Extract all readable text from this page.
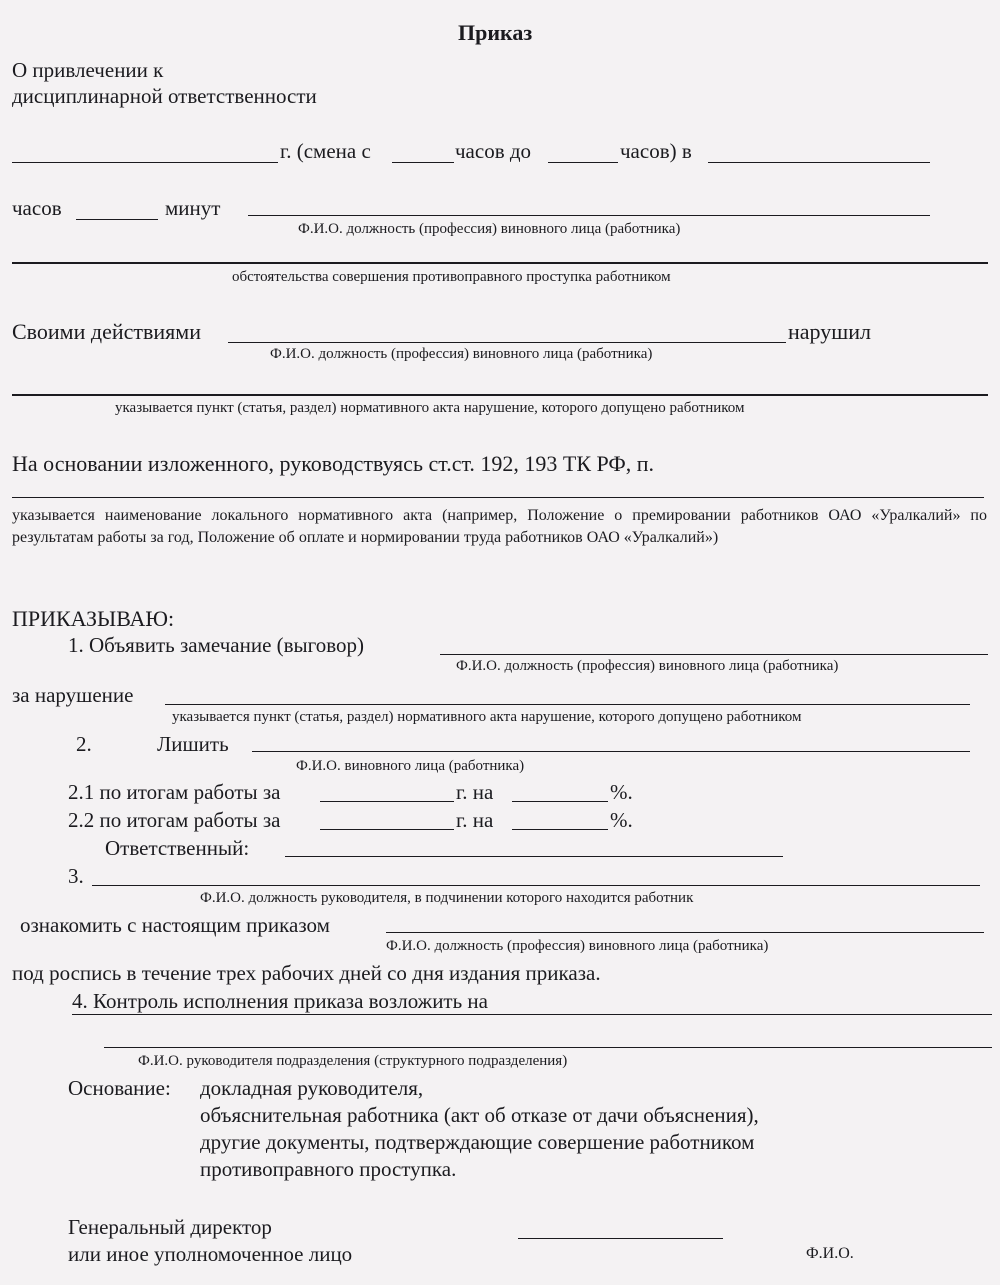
Приказ
О привлечении к
дисциплинарной ответственности
г. (смена с	часов до	часов) в
часов	минут
Ф.И.О. должность (профессия) виновного лица (работника)
обстоятельства совершения противоправного проступка работником
Своими действиями	нарушил
Ф.И.О. должность (профессия) виновного лица (работника)
указывается пункт (статья, раздел) нормативного акта нарушение, которого допущено работником
На основании изложенного, руководствуясь ст.ст. 192, 193 ТК РФ, п.
указывается наименование локального нормативного акта (например, Положение о премировании работников ОАО «Уралкалий» по результатам работы за год, Положение об оплате и нормировании труда работников ОАО «Уралкалий»)
ПРИКАЗЫВАЮ:
1. Объявить замечание (выговор)
Ф.И.О. должность (профессия) виновного лица (работника)
за нарушение
указывается пункт (статья, раздел) нормативного акта нарушение, которого допущено работником
2.	Лишить
Ф.И.О. виновного лица (работника)
2.1 по итогам работы за	г. на	%.
2.2 по итогам работы за	г. на	%.
Ответственный:
3.
Ф.И.О. должность руководителя, в подчинении которого находится работник
ознакомить с настоящим приказом
Ф.И.О. должность (профессия) виновного лица (работника)
под роспись в течение трех рабочих дней со дня издания приказа.
4. Контроль исполнения приказа возложить на
Ф.И.О. руководителя подразделения (структурного подразделения)
Основание: докладная руководителя,
объяснительная работника (акт об отказе от дачи объяснения),
другие документы, подтверждающие совершение работником
противоправного проступка.
Генеральный директор
или иное уполномоченное лицо	Ф.И.О.
